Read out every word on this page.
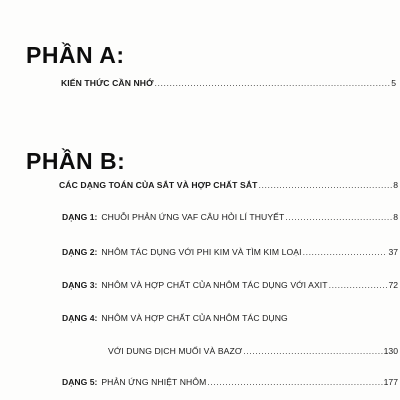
PHẦN A:
KIẾN THỨC CẦN NHỚ .....	5
PHẦN B:
CÁC DẠNG TOÁN CỦA SẮT VÀ HỢP CHẤT SẮT .....	8
DẠNG 1: CHUỖI PHẢN ỨNG VAF CÂU HỎI LÍ THUYẾT .....	8
DẠNG 2: NHÔM TÁC DỤNG VỚI PHI KIM VÀ TÌM KIM LOẠI .....	37
DẠNG 3: NHÔM VÀ HỢP CHẤT CỦA NHÔM TÁC DỤNG VỚI AXIT .....	72
DẠNG 4: NHÔM VÀ HỢP CHẤT CỦA NHÔM TÁC DỤNG
VỚI DUNG DỊCH MUỐI VÀ BAZƠ .....	130
DẠNG 5: PHẢN ỨNG NHIỆT NHÔM .....	177
